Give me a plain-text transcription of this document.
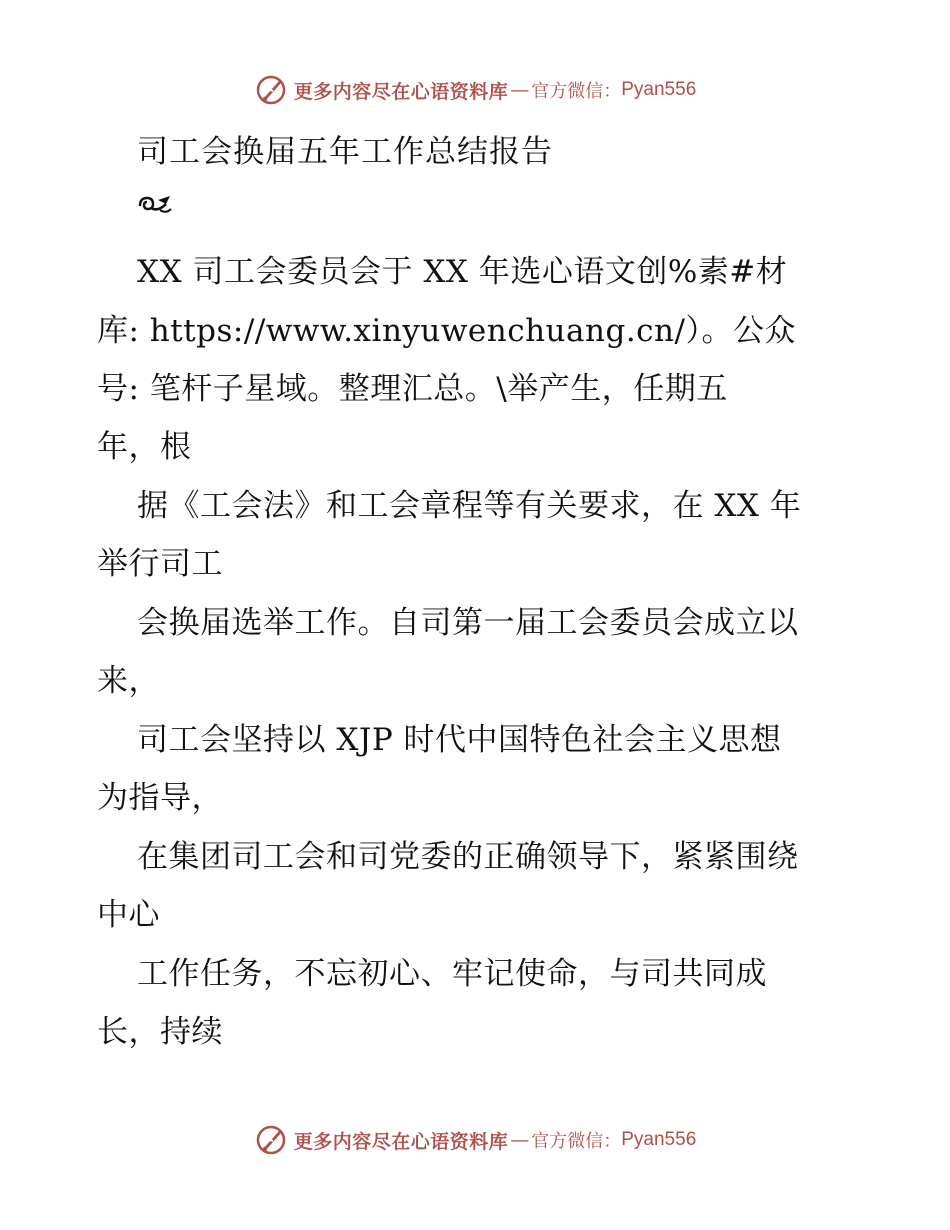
更多内容尽在心语资料库 — 官方微信： Pyan556
司工会换届五年工作总结报告
XX 司工会委员会于 XX 年选心语文创%素#材
库: https://www.xinyuwenchuang.cn/）。公众
号: 笔杆子星域。整理汇总。\举产生，任期五
年，根
据《工会法》和工会章程等有关要求，在 XX 年
举行司工
会换届选举工作。自司第一届工会委员会成立以
来，
司工会坚持以 XJP 时代中国特色社会主义思想
为指导，
在集团司工会和司党委的正确领导下，紧紧围绕
中心
工作任务，不忘初心、牢记使命，与司共同成
长，持续
更多内容尽在心语资料库 — 官方微信： Pyan556
